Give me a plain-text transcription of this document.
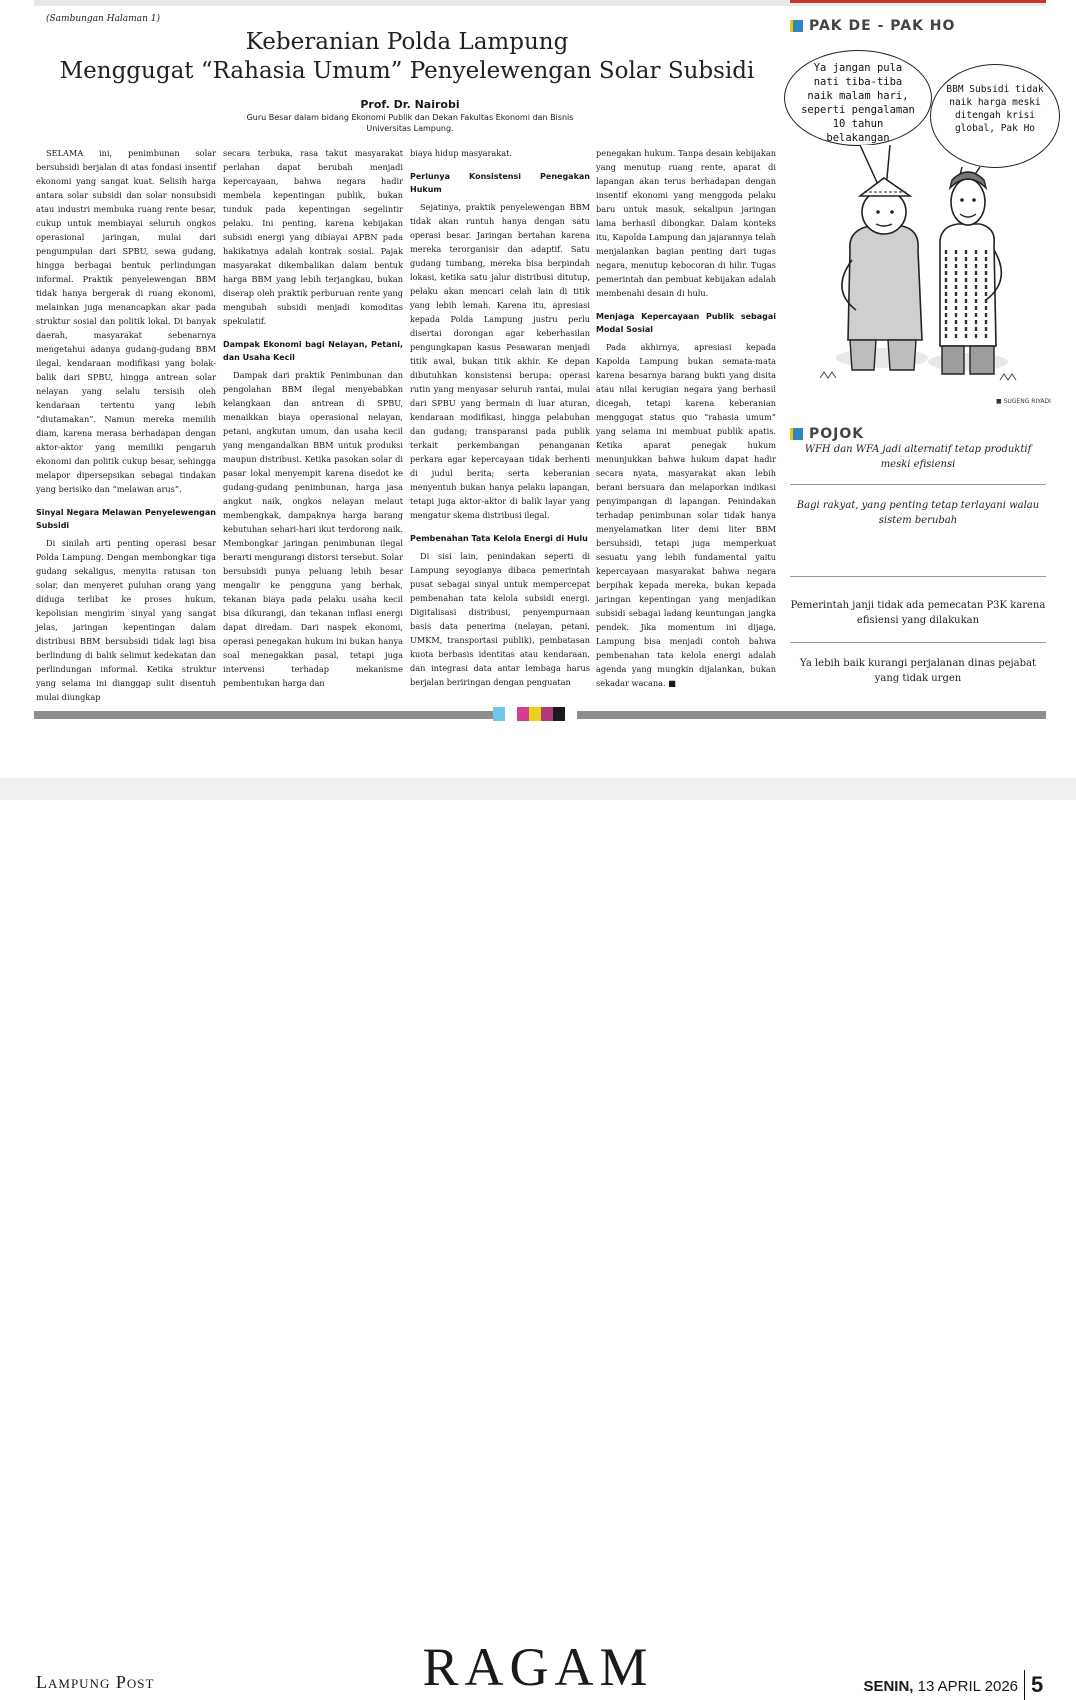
(Sambungan Halaman 1)
Keberanian Polda Lampung
Menggugat “Rahasia Umum” Penyelewengan Solar Subsidi
Prof. Dr. Nairobi
Guru Besar dalam bidang Ekonomi Publik dan Dekan Fakultas Ekonomi dan Bisnis
Universitas Lampung.

SELAMA ini, penimbunan solar bersubsidi berjalan di atas fondasi insentif ekonomi yang sangat kuat. Selisih harga antara solar subsidi dan solar nonsubsidi atau industri membuka ruang rente besar, cukup untuk membiayai seluruh ongkos operasional jaringan, mulai dari pengumpulan dari SPBU, sewa gudang, hingga berbagai bentuk perlindungan informal. Praktik penyelewengan BBM tidak hanya bergerak di ruang ekonomi, melainkan juga menancapkan akar pada struktur sosial dan politik lokal. Di banyak daerah, masyarakat sebenarnya mengetahui adanya gudang-gudang BBM ilegal, kendaraan modifikasi yang bolak-balik dari SPBU, hingga antrean solar nelayan yang selalu tersisih oleh kendaraan tertentu yang lebih “diutamakan”. Namun mereka memilih diam, karena merasa berhadapan dengan aktor-aktor yang memiliki pengaruh ekonomi dan politik cukup besar, sehingga melapor dipersepsikan sebagai tindakan yang berisiko dan “melawan arus”.

Sinyal Negara Melawan Penyelewengan Subsidi

Di sinilah arti penting operasi besar Polda Lampung. Dengan membongkar tiga gudang sekaligus, menyita ratusan ton solar, dan menyeret puluhan orang yang diduga terlibat ke proses hukum, kepolisian mengirim sinyal yang sangat jelas, jaringan kepentingan dalam distribusi BBM bersubsidi tidak lagi bisa berlindung di balik selimut kedekatan dan perlindungan informal. Ketika struktur yang selama ini dianggap sulit disentuh mulai diungkap

secara terbuka, rasa takut masyarakat perlahan dapat berubah menjadi kepercayaan, bahwa negara hadir membela kepentingan publik, bukan tunduk pada kepentingan segelintir pelaku. Ini penting, karena kebijakan subsidi energi yang dibiayai APBN pada hakikatnya adalah kontrak sosial. Pajak masyarakat dikembalikan dalam bentuk harga BBM yang lebih terjangkau, bukan diserap oleh praktik perburuan rente yang mengubah subsidi menjadi komoditas spekulatif.

Dampak Ekonomi bagi Nelayan, Petani, dan Usaha Kecil

Dampak dari praktik Penimbunan dan pengolahan BBM ilegal menyebabkan kelangkaan dan antrean di SPBU, menaikkan biaya operasional nelayan, petani, angkutan umum, dan usaha kecil yang mengandalkan BBM untuk produksi maupun distribusi. Ketika pasokan solar di pasar lokal menyempit karena disedot ke gudang-gudang penimbunan, harga jasa angkut naik, ongkos nelayan melaut membengkak, dampaknya harga barang kebutuhan sehari-hari ikut terdorong naik. Membongkar jaringan penimbunan ilegal berarti mengurangi distorsi tersebut. Solar bersubsidi punya peluang lebih besar mengalir ke pengguna yang berhak, tekanan biaya pada pelaku usaha kecil bisa dikurangi, dan tekanan inflasi energi dapat diredam. Dari naspek ekonomi, operasi penegakan hukum ini bukan hanya soal menegakkan pasal, tetapi juga intervensi terhadap mekanisme pembentukan harga dan

biaya hidup masyarakat.

Perlunya Konsistensi Penegakan Hukum

Sejatinya, praktik penyelewengan BBM tidak akan runtuh hanya dengan satu operasi besar. Jaringan bertahan karena mereka terorganisir dan adaptif. Satu gudang tumbang, mereka bisa berpindah lokasi, ketika satu jalur distribusi ditutup, pelaku akan mencari celah lain di titik yang lebih lemah. Karena itu, apresiasi kepada Polda Lampung justru perlu disertai dorongan agar keberhasilan pengungkapan kasus Pesawaran menjadi titik awal, bukan titik akhir. Ke depan dibutuhkan konsistensi berupa: operasi rutin yang menyasar seluruh rantai, mulai dari SPBU yang bermain di luar aturan, kendaraan modifikasi, hingga pelabuhan dan gudang; transparansi pada publik terkait perkembangan penanganan perkara agar kepercayaan tidak berhenti di judul berita; serta keberanian menyentuh bukan hanya pelaku lapangan, tetapi juga aktor-aktor di balik layar yang mengatur skema distribusi ilegal.

Pembenahan Tata Kelola Energi di Hulu

Di sisi lain, penindakan seperti di Lampung seyogianya dibaca pemerintah pusat sebagai sinyal untuk mempercepat pembenahan tata kelola subsidi energi. Digitalisasi distribusi, penyempurnaan basis data penerima (nelayan, petani, UMKM, transportasi publik), pembatasan kuota berbasis identitas atau kendaraan, dan integrasi data antar lembaga harus berjalan beriringan dengan penguatan

penegakan hukum. Tanpa desain kebijakan yang menutup ruang rente, aparat di lapangan akan terus berhadapan dengan insentif ekonomi yang menggoda pelaku baru untuk masuk, sekalipun jaringan lama berhasil dibongkar. Dalam konteks itu, Kapolda Lampung dan jajarannya telah menjalankan bagian penting dari tugas negara, menutup kebocoran di hilir. Tugas pemerintah dan pembuat kebijakan adalah membenahi desain di hulu.

Menjaga Kepercayaan Publik sebagai Modal Sosial

Pada akhirnya, apresiasi kepada Kapolda Lampung bukan semata-mata karena besarnya barang bukti yang disita atau nilai kerugian negara yang berhasil dicegah, tetapi karena keberanian menggugat status quo “rahasia umum” yang selama ini membuat publik apatis. Ketika aparat penegak hukum menunjukkan bahwa hukum dapat hadir secara nyata, masyarakat akan lebih berani bersuara dan melaporkan indikasi penyimpangan di lapangan. Penindakan terhadap penimbunan solar tidak hanya menyelamatkan liter demi liter BBM bersubsidi, tetapi juga memperkuat sesuatu yang lebih fundamental yaitu kepercayaan masyarakat bahwa negara berpihak kepada mereka, bukan kepada jaringan kepentingan yang menjadikan subsidi sebagai ladang keuntungan jangka pendek. Jika momentum ini dijaga, Lampung bisa menjadi contoh bahwa pembenahan tata kelola energi adalah agenda yang mungkin dijalankan, bukan sekadar wacana. ■

PAK DE - PAK HO
Ya jangan pula nati tiba-tiba naik malam hari, seperti pengalaman 10 tahun belakangan
BBM Subsidi tidak naik harga meski ditengah krisi global, Pak Ho
■ SUGENG RIYADI
POJOK
WFH dan WFA jadi alternatif tetap produktif meski efisiensi
Bagi rakyat, yang penting tetap terlayani walau sistem berubah
Pemerintah janji tidak ada pemecatan P3K karena efisiensi yang dilakukan
Ya lebih baik kurangi perjalanan dinas pejabat yang tidak urgen
Lampung Post	RAGAM	SENIN, 13 APRIL 2026 5
